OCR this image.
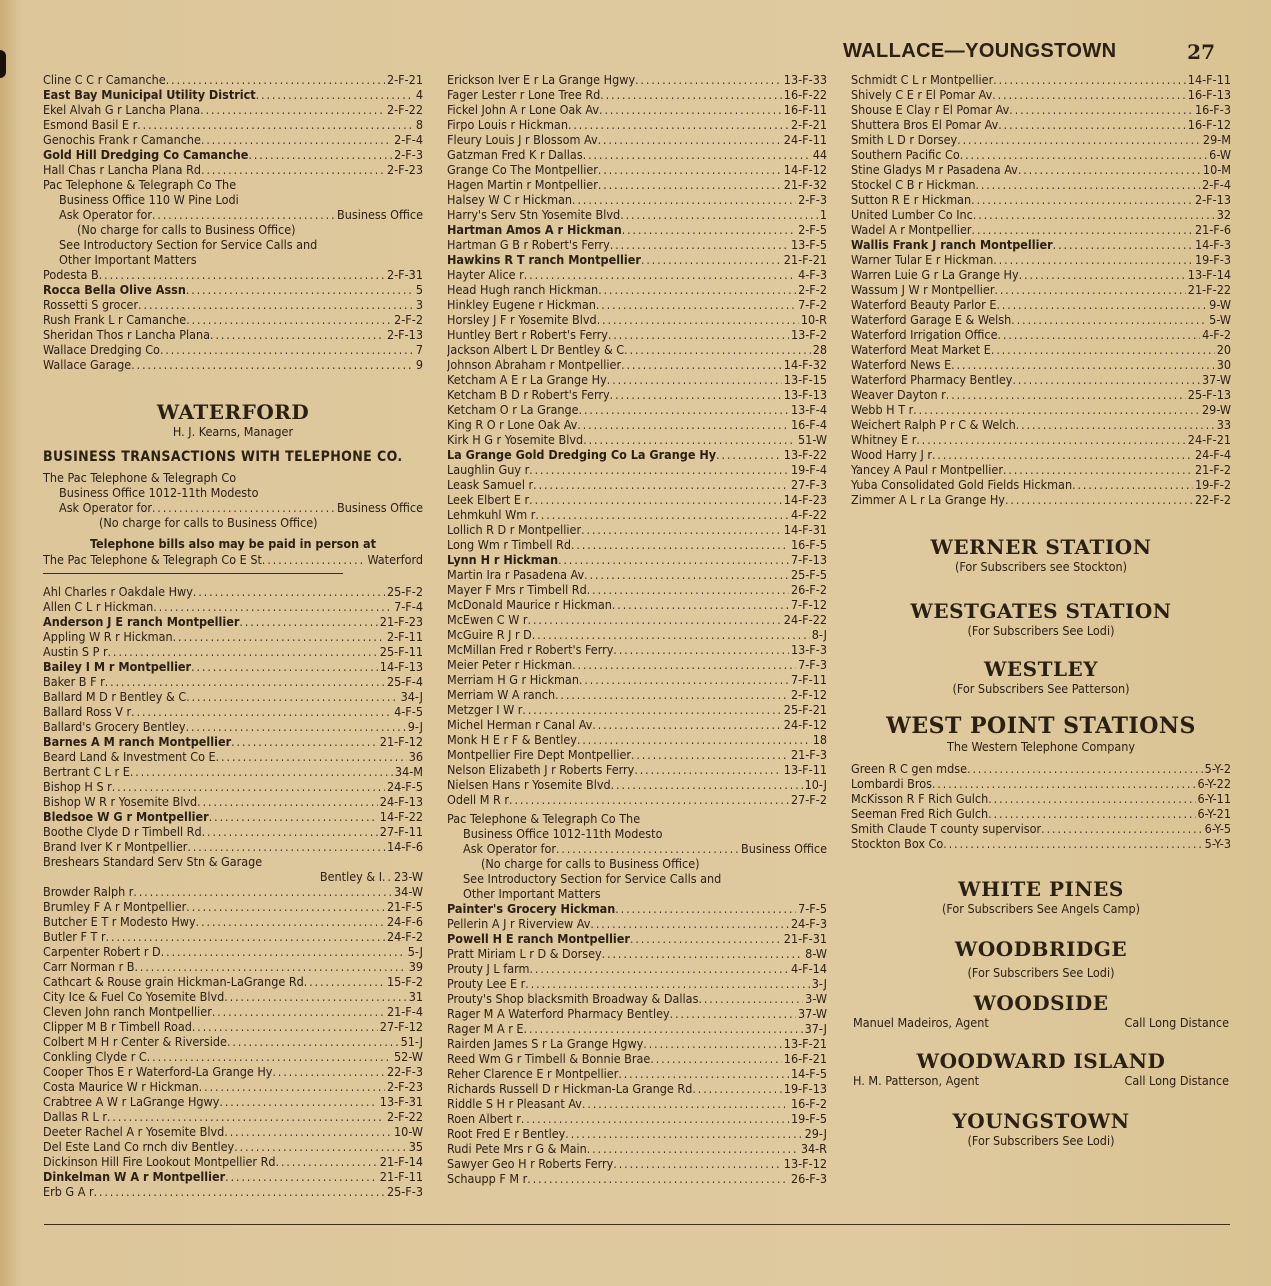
WALLACE—YOUNGSTOWN	27
Cline C C r Camanche .....	2-F-21
East Bay Municipal Utility District .....	4
Ekel Alvah G r Lancha Plana .....	2-F-22
Esmond Basil E r .....	8
Genochis Frank r Camanche .....	2-F-4
Gold Hill Dredging Co Camanche .....	2-F-3
Hall Chas r Lancha Plana Rd .....	2-F-23
Pac Telephone & Telegraph Co The
Business Office 110 W Pine Lodi
Ask Operator for .....	Business Office
(No charge for calls to Business Office)
See Introductory Section for Service Calls and
Other Important Matters
Podesta B .....	2-F-31
Rocca Bella Olive Assn .....	5
Rossetti S grocer .....	3
Rush Frank L r Camanche .....	2-F-2
Sheridan Thos r Lancha Plana .....	2-F-13
Wallace Dredging Co .....	7
Wallace Garage .....	9
WATERFORD
H. J. Kearns, Manager
BUSINESS TRANSACTIONS WITH TELEPHONE CO.
The Pac Telephone & Telegraph Co
Business Office 1012-11th Modesto
Ask Operator for .....	Business Office
(No charge for calls to Business Office)
Telephone bills also may be paid in person at
The Pac Telephone & Telegraph Co E St .....	Waterford
Ahl Charles r Oakdale Hwy .....	25-F-2
Allen C L r Hickman .....	7-F-4
Anderson J E ranch Montpellier .....	21-F-23
Appling W R r Hickman .....	2-F-11
Austin S P r .....	25-F-11
Bailey I M r Montpellier .....	14-F-13
Baker B F r .....	25-F-4
Ballard M D r Bentley & C .....	34-J
Ballard Ross V r .....	4-F-5
Ballard's Grocery Bentley .....	9-J
Barnes A M ranch Montpellier .....	21-F-12
Beard Land & Investment Co E .....	36
Bertrant C L r E .....	34-M
Bishop H S r .....	24-F-5
Bishop W R r Yosemite Blvd .....	24-F-13
Bledsoe W G r Montpellier .....	14-F-22
Boothe Clyde D r Timbell Rd .....	27-F-11
Brand Iver K r Montpellier .....	14-F-6
Breshears Standard Serv Stn & Garage
Bentley & I ..... 23-W
Browder Ralph r .....	34-W
Brumley F A r Montpellier .....	21-F-5
Butcher E T r Modesto Hwy .....	24-F-6
Butler F T r .....	24-F-2
Carpenter Robert r D .....	5-J
Carr Norman r B .....	39
Cathcart & Rouse grain Hickman-LaGrange Rd .....	15-F-2
City Ice & Fuel Co Yosemite Blvd .....	31
Cleven John ranch Montpellier .....	21-F-4
Clipper M B r Timbell Road .....	27-F-12
Colbert M H r Center & Riverside .....	51-J
Conkling Clyde r C .....	52-W
Cooper Thos E r Waterford-La Grange Hy .....	22-F-3
Costa Maurice W r Hickman .....	2-F-23
Crabtree A W r LaGrange Hgwy .....	13-F-31
Dallas R L r .....	2-F-22
Deeter Rachel A r Yosemite Blvd .....	10-W
Del Este Land Co rnch div Bentley .....	35
Dickinson Hill Fire Lookout Montpellier Rd .....	21-F-14
Dinkelman W A r Montpellier .....	21-F-11
Erb G A r .....	25-F-3
Erickson Iver E r La Grange Hgwy .....	13-F-33
Fager Lester r Lone Tree Rd .....	16-F-22
Fickel John A r Lone Oak Av .....	16-F-11
Firpo Louis r Hickman .....	2-F-21
Fleury Louis J r Blossom Av .....	24-F-11
Gatzman Fred K r Dallas .....	44
Grange Co The Montpellier .....	14-F-12
Hagen Martin r Montpellier .....	21-F-32
Halsey W C r Hickman .....	2-F-3
Harry's Serv Stn Yosemite Blvd .....	1
Hartman Amos A r Hickman .....	2-F-5
Hartman G B r Robert's Ferry .....	13-F-5
Hawkins R T ranch Montpellier .....	21-F-21
Hayter Alice r .....	4-F-3
Head Hugh ranch Hickman .....	2-F-2
Hinkley Eugene r Hickman .....	7-F-2
Horsley J F r Yosemite Blvd .....	10-R
Huntley Bert r Robert's Ferry .....	13-F-2
Jackson Albert L Dr Bentley & C .....	28
Johnson Abraham r Montpellier .....	14-F-32
Ketcham A E r La Grange Hy .....	13-F-15
Ketcham B D r Robert's Ferry .....	13-F-13
Ketcham O r La Grange .....	13-F-4
King R O r Lone Oak Av .....	16-F-4
Kirk H G r Yosemite Blvd .....	51-W
La Grange Gold Dredging Co La Grange Hy .....	13-F-22
Laughlin Guy r .....	19-F-4
Leask Samuel r .....	27-F-3
Leek Elbert E r .....	14-F-23
Lehmkuhl Wm r .....	4-F-22
Lollich R D r Montpellier .....	14-F-31
Long Wm r Timbell Rd .....	16-F-5
Lynn H r Hickman .....	7-F-13
Martin Ira r Pasadena Av .....	25-F-5
Mayer F Mrs r Timbell Rd .....	26-F-2
McDonald Maurice r Hickman .....	7-F-12
McEwen C W r .....	24-F-22
McGuire R J r D .....	8-J
McMillan Fred r Robert's Ferry .....	13-F-3
Meier Peter r Hickman .....	7-F-3
Merriam H G r Hickman .....	7-F-11
Merriam W A ranch .....	2-F-12
Metzger I W r .....	25-F-21
Michel Herman r Canal Av .....	24-F-12
Monk H E r F & Bentley .....	18
Montpellier Fire Dept Montpellier .....	21-F-3
Nelson Elizabeth J r Roberts Ferry .....	13-F-11
Nielsen Hans r Yosemite Blvd .....	10-J
Odell M R r .....	27-F-2
Pac Telephone & Telegraph Co The
Business Office 1012-11th Modesto
Ask Operator for .....	Business Office
(No charge for calls to Business Office)
See Introductory Section for Service Calls and
Other Important Matters
Painter's Grocery Hickman .....	7-F-5
Pellerin A J r Riverview Av .....	24-F-3
Powell H E ranch Montpellier .....	21-F-31
Pratt Miriam L r D & Dorsey .....	8-W
Prouty J L farm .....	4-F-14
Prouty Lee E r .....	3-J
Prouty's Shop blacksmith Broadway & Dallas .....	3-W
Rager M A Waterford Pharmacy Bentley .....	37-W
Rager M A r E .....	37-J
Rairden James S r La Grange Hgwy .....	13-F-21
Reed Wm G r Timbell & Bonnie Brae .....	16-F-21
Reher Clarence E r Montpellier .....	14-F-5
Richards Russell D r Hickman-La Grange Rd .....	19-F-13
Riddle S H r Pleasant Av .....	16-F-2
Roen Albert r .....	19-F-5
Root Fred E r Bentley .....	29-J
Rudi Pete Mrs r G & Main .....	34-R
Sawyer Geo H r Roberts Ferry .....	13-F-12
Schaupp F M r .....	26-F-3
Schmidt C L r Montpellier .....	14-F-11
Shively C E r El Pomar Av .....	16-F-13
Shouse E Clay r El Pomar Av .....	16-F-3
Shuttera Bros El Pomar Av .....	16-F-12
Smith L D r Dorsey .....	29-M
Southern Pacific Co .....	6-W
Stine Gladys M r Pasadena Av .....	10-M
Stockel C B r Hickman .....	2-F-4
Sutton R E r Hickman .....	2-F-13
United Lumber Co Inc .....	32
Wadel A r Montpellier .....	21-F-6
Wallis Frank J ranch Montpellier .....	14-F-3
Warner Tular E r Hickman .....	19-F-3
Warren Luie G r La Grange Hy .....	13-F-14
Wassum J W r Montpellier .....	21-F-22
Waterford Beauty Parlor E .....	9-W
Waterford Garage E & Welsh .....	5-W
Waterford Irrigation Office .....	4-F-2
Waterford Meat Market E .....	20
Waterford News E .....	30
Waterford Pharmacy Bentley .....	37-W
Weaver Dayton r .....	25-F-13
Webb H T r .....	29-W
Weichert Ralph P r C & Welch .....	33
Whitney E r .....	24-F-21
Wood Harry J r .....	24-F-4
Yancey A Paul r Montpellier .....	21-F-2
Yuba Consolidated Gold Fields Hickman .....	19-F-2
Zimmer A L r La Grange Hy .....	22-F-2
WERNER STATION
(For Subscribers see Stockton)
WESTGATES STATION
(For Subscribers See Lodi)
WESTLEY
(For Subscribers See Patterson)
WEST POINT STATIONS
The Western Telephone Company
Green R C gen mdse .....	5-Y-2
Lombardi Bros .....	6-Y-22
McKisson R F Rich Gulch .....	6-Y-11
Seeman Fred Rich Gulch .....	6-Y-21
Smith Claude T county supervisor .....	6-Y-5
Stockton Box Co .....	5-Y-3
WHITE PINES
(For Subscribers See Angels Camp)
WOODBRIDGE
(For Subscribers See Lodi)
WOODSIDE
Manuel Madeiros, Agent	Call Long Distance
WOODWARD ISLAND
H. M. Patterson, Agent	Call Long Distance
YOUNGSTOWN
(For Subscribers See Lodi)
